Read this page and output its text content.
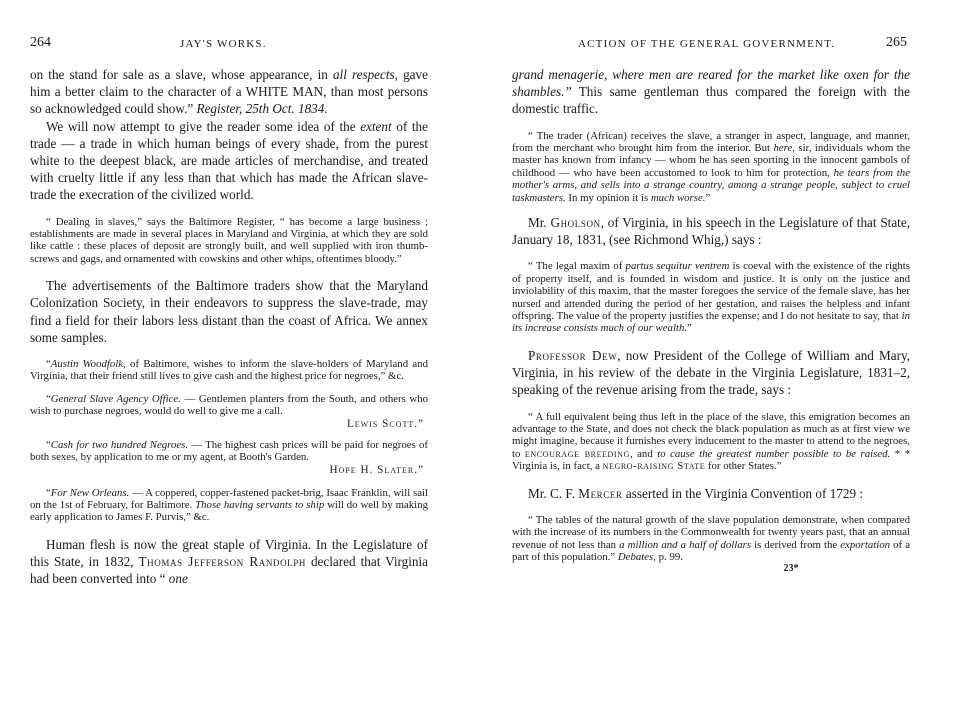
264	JAY'S WORKS.

on the stand for sale as a slave, whose appearance, in all respects, gave him a better claim to the character of a WHITE MAN, than most persons so acknowledged could show.” Register, 25th Oct. 1834.

We will now attempt to give the reader some idea of the extent of the trade — a trade in which human beings of every shade, from the purest white to the deepest black, are made articles of merchandise, and treated with cruelty little if any less than that which has made the African slave-trade the execration of the civilized world.

“ Dealing in slaves,” says the Baltimore Register, “ has become a large business ; establishments are made in several places in Maryland and Virginia, at which they are sold like cattle : these places of deposit are strongly built, and well supplied with iron thumb-screws and gags, and ornamented with cowskins and other whips, oftentimes bloody.”

The advertisements of the Baltimore traders show that the Maryland Colonization Society, in their endeavors to suppress the slave-trade, may find a field for their labors less distant than the coast of Africa. We annex some samples.

“Austin Woodfolk, of Baltimore, wishes to inform the slave-holders of Maryland and Virginia, that their friend still lives to give cash and the highest price for negroes,” &c.

“General Slave Agency Office. — Gentlemen planters from the South, and others who wish to purchase negroes, would do well to give me a call.

Lewis Scott.”

“Cash for two hundred Negroes. — The highest cash prices will be paid for negroes of both sexes, by application to me or my agent, at Booth's Garden.

Hope H. Slater.”

“For New Orleans. — A coppered, copper-fastened packet-brig, Isaac Franklin, will sail on the 1st of February, for Baltimore. Those having servants to ship will do well by making early application to James F. Purvis,” &c.

Human flesh is now the great staple of Virginia. In the Legislature of this State, in 1832, Thomas Jefferson Randolph declared that Virginia had been converted into “ one

ACTION OF THE GENERAL GOVERNMENT.	265

grand menagerie, where men are reared for the market like oxen for the shambles.” This same gentleman thus compared the foreign with the domestic traffic.

“ The trader (African) receives the slave, a stranger in aspect, language, and manner, from the merchant who brought him from the interior. But here, sir, individuals whom the master has known from infancy — whom he has seen sporting in the innocent gambols of childhood — who have been accustomed to look to him for protection, he tears from the mother's arms, and sells into a strange country, among a strange people, subject to cruel taskmasters. In my opinion it is much worse.”

Mr. Gholson, of Virginia, in his speech in the Legislature of that State, January 18, 1831, (see Richmond Whig,) says :

“ The legal maxim of partus sequitur ventrem is coeval with the existence of the rights of property itself, and is founded in wisdom and justice. It is only on the justice and inviolability of this maxim, that the master foregoes the service of the female slave, has her nursed and attended during the period of her gestation, and raises the helpless and infant offspring. The value of the property justifies the expense; and I do not hesitate to say, that in its increase consists much of our wealth.”

Professor Dew, now President of the College of William and Mary, Virginia, in his review of the debate in the Virginia Legislature, 1831–2, speaking of the revenue arising from the trade, says :

“ A full equivalent being thus left in the place of the slave, this emigration becomes an advantage to the State, and does not check the black population as much as at first view we might imagine, because it furnishes every inducement to the master to attend to the negroes, to encourage breeding, and to cause the greatest number possible to be raised. * * Virginia is, in fact, a negro-raising State for other States.”

Mr. C. F. Mercer asserted in the Virginia Convention of 1729 :

“ The tables of the natural growth of the slave population demonstrate, when compared with the increase of its numbers in the Commonwealth for twenty years past, that an annual revenue of not less than a million and a half of dollars is derived from the exportation of a part of this population.” Debates, p. 99.

23*
